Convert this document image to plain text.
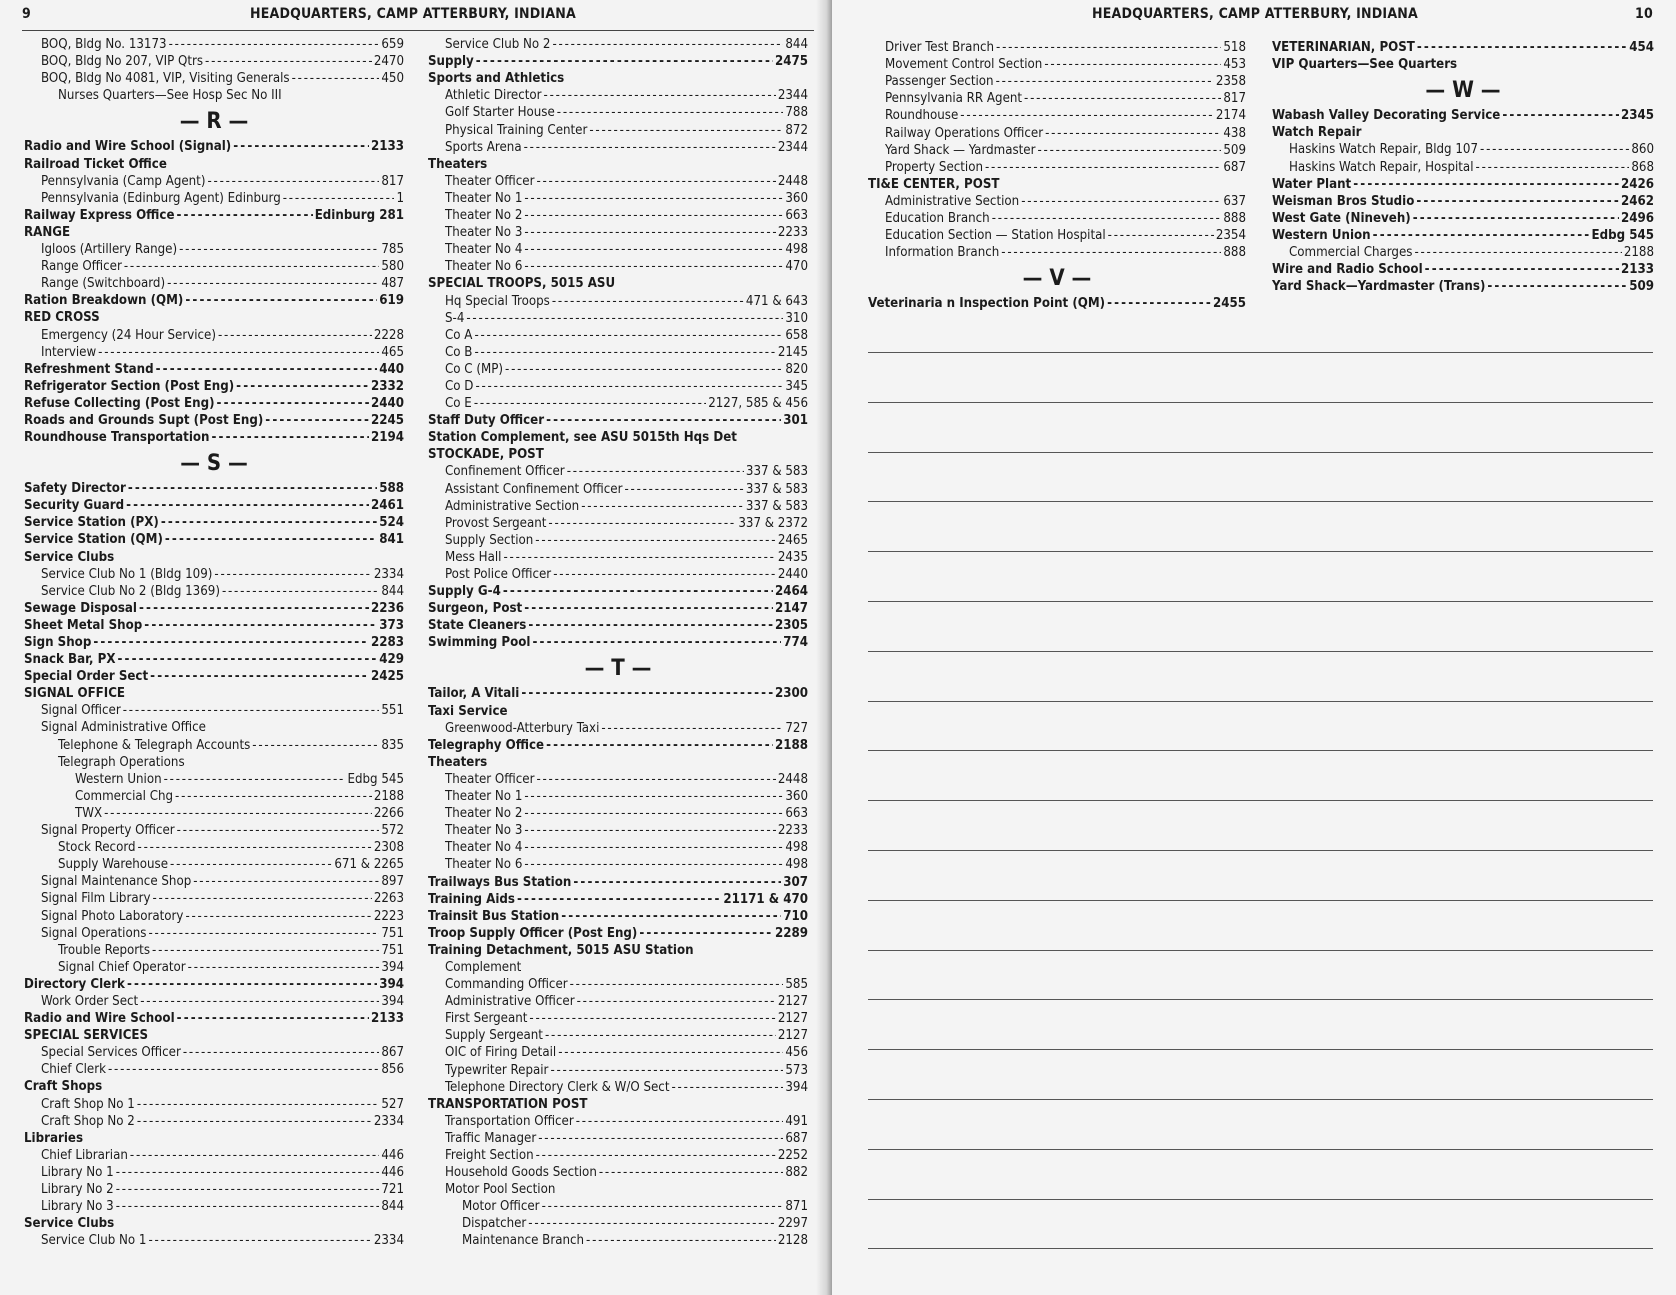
9	HEADQUARTERS, CAMP ATTERBURY, INDIANA
BOQ, Bldg No. 13173 - - -	659
BOQ, Bldg No 207, VIP Qtrs - - -	2470
BOQ, Bldg No 4081, VIP, Visiting Generals - - -	450
Nurses Quarters—See Hosp Sec No III
— R —
Radio and Wire School (Signal) - - -	2133
Railroad Ticket Office
Pennsylvania (Camp Agent) - - -	817
Pennsylvania (Edinburg Agent) Edinburg - - -	1
Railway Express Office - - -	Edinburg 281
RANGE
Igloos (Artillery Range) - - -	785
Range Officer - - -	580
Range (Switchboard) - - -	487
Ration Breakdown (QM) - - -	619
RED CROSS
Emergency (24 Hour Service) - - -	2228
Interview - - -	465
Refreshment Stand - - -	440
Refrigerator Section (Post Eng) - - -	2332
Refuse Collecting (Post Eng) - - -	2440
Roads and Grounds Supt (Post Eng) - - -	2245
Roundhouse Transportation - - -	2194
— S —
Safety Director - - -	588
Security Guard - - -	2461
Service Station (PX) - - -	524
Service Station (QM) - - -	841
Service Clubs
Service Club No 1 (Bldg 109) - - -	2334
Service Club No 2 (Bldg 1369) - - -	844
Sewage Disposal - - -	2236
Sheet Metal Shop - - -	373
Sign Shop - - -	2283
Snack Bar, PX - - -	429
Special Order Sect - - -	2425
SIGNAL OFFICE
Signal Officer - - -	551
Signal Administrative Office
Telephone & Telegraph Accounts - - -	835
Telegraph Operations
Western Union - - -	Edbg 545
Commercial Chg - - -	2188
TWX - - -	2266
Signal Property Officer - - -	572
Stock Record - - -	2308
Supply Warehouse - - -	671 & 2265
Signal Maintenance Shop - - -	897
Signal Film Library - - -	2263
Signal Photo Laboratory - - -	2223
Signal Operations - - -	751
Trouble Reports - - -	751
Signal Chief Operator - - -	394
Directory Clerk - - -	394
Work Order Sect - - -	394
Radio and Wire School - - -	2133
SPECIAL SERVICES
Special Services Officer - - -	867
Chief Clerk - - -	856
Craft Shops
Craft Shop No 1 - - -	527
Craft Shop No 2 - - -	2334
Libraries
Chief Librarian - - -	446
Library No 1 - - -	446
Library No 2 - - -	721
Library No 3 - - -	844
Service Clubs
Service Club No 1 - - -	2334
Service Club No 2 - - -	844
Supply - - -	2475
Sports and Athletics
Athletic Director - - -	2344
Golf Starter House - - -	788
Physical Training Center - - -	872
Sports Arena - - -	2344
Theaters
Theater Officer - - -	2448
Theater No 1 - - -	360
Theater No 2 - - -	663
Theater No 3 - - -	2233
Theater No 4 - - -	498
Theater No 6 - - -	470
SPECIAL TROOPS, 5015 ASU
Hq Special Troops - - -	471 & 643
S-4 - - -	310
Co A - - -	658
Co B - - -	2145
Co C (MP) - - -	820
Co D - - -	345
Co E - - -	2127, 585 & 456
Staff Duty Officer - - -	301
Station Complement, see ASU 5015th Hqs Det
STOCKADE, POST
Confinement Officer - - -	337 & 583
Assistant Confinement Officer - - -	337 & 583
Administrative Section - - -	337 & 583
Provost Sergeant - - -	337 & 2372
Supply Section - - -	2465
Mess Hall - - -	2435
Post Police Officer - - -	2440
Supply G-4 - - -	2464
Surgeon, Post - - -	2147
State Cleaners - - -	2305
Swimming Pool - - -	774
— T —
Tailor, A Vitali - - -	2300
Taxi Service
Greenwood-Atterbury Taxi - - -	727
Telegraphy Office - - -	2188
Theaters
Theater Officer - - -	2448
Theater No 1 - - -	360
Theater No 2 - - -	663
Theater No 3 - - -	2233
Theater No 4 - - -	498
Theater No 6 - - -	498
Trailways Bus Station - - -	307
Training Aids - - -	21171 & 470
Trainsit Bus Station - - -	710
Troop Supply Officer (Post Eng) - - -	2289
Training Detachment, 5015 ASU Station
Complement
Commanding Officer - - -	585
Administrative Officer - - -	2127
First Sergeant - - -	2127
Supply Sergeant - - -	2127
OIC of Firing Detail - - -	456
Typewriter Repair - - -	573
Telephone Directory Clerk & W/O Sect - - -	394
TRANSPORTATION POST
Transportation Officer - - -	491
Traffic Manager - - -	687
Freight Section - - -	2252
Household Goods Section - - -	882
Motor Pool Section
Motor Officer - - -	871
Dispatcher - - -	2297
Maintenance Branch - - -	2128
HEADQUARTERS, CAMP ATTERBURY, INDIANA	10
Driver Test Branch - - -	518
Movement Control Section - - -	453
Passenger Section - - -	2358
Pennsylvania RR Agent - - -	817
Roundhouse - - -	2174
Railway Operations Officer - - -	438
Yard Shack — Yardmaster - - -	509
Property Section - - -	687
TI&E CENTER, POST
Administrative Section - - -	637
Education Branch - - -	888
Education Section — Station Hospital - - -	2354
Information Branch - - -	888
— V —
Veterinaria n Inspection Point (QM) - - -	2455
VETERINARIAN, POST - - -	454
VIP Quarters—See Quarters
— W —
Wabash Valley Decorating Service - - -	2345
Watch Repair
Haskins Watch Repair, Bldg 107 - - -	860
Haskins Watch Repair, Hospital - - -	868
Water Plant - - -	2426
Weisman Bros Studio - - -	2462
West Gate (Nineveh) - - -	2496
Western Union - - -	Edbg 545
Commercial Charges - - -	2188
Wire and Radio School - - -	2133
Yard Shack—Yardmaster (Trans) - - -	509
